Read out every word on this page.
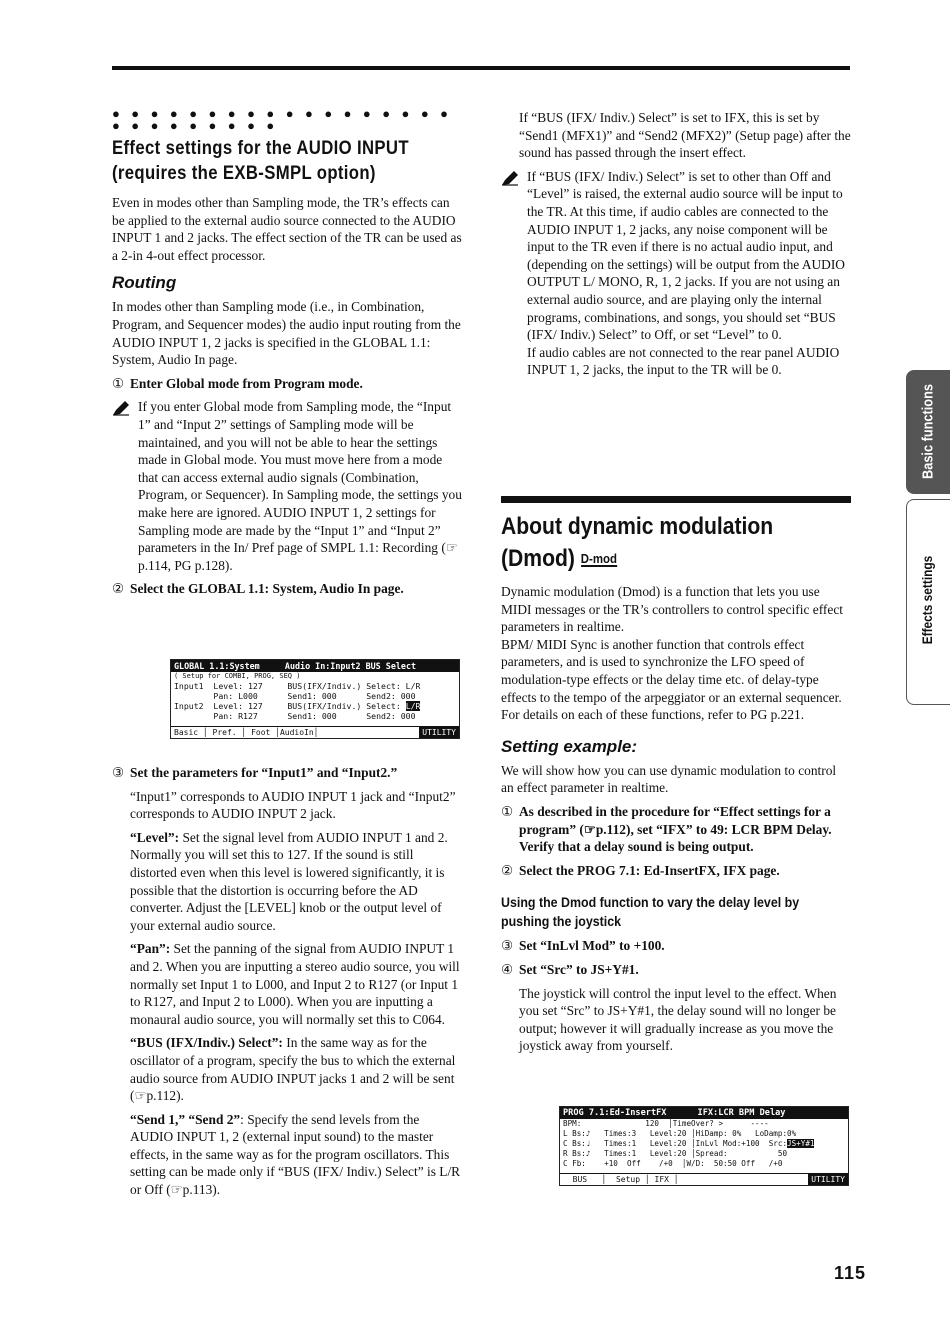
● ● ● ● ● ● ● ● ● ● ● ● ● ● ● ● ● ● ● ● ● ● ● ● ● ● ●
Effect settings for the AUDIO INPUT
(requires the EXB-SMPL option)

Even in modes other than Sampling mode, the TR’s effects can be applied to the external audio source connected to the AUDIO INPUT 1 and 2 jacks. The effect section of the TR can be used as a 2-in 4-out effect processor.

Routing

In modes other than Sampling mode (i.e., in Combination, Program, and Sequencer modes) the audio input routing from the AUDIO INPUT 1, 2 jacks is specified in the GLOBAL 1.1: System, Audio In page.

① Enter Global mode from Program mode.

If you enter Global mode from Sampling mode, the “Input 1” and “Input 2” settings of Sampling mode will be maintained, and you will not be able to hear the settings made in Global mode. You must move here from a mode that can access external audio signals (Combination, Program, or Sequencer). In Sampling mode, the settings you make here are ignored. AUDIO INPUT 1, 2 settings for Sampling mode are made by the “Input 1” and “Input 2” parameters in the In/ Pref page of SMPL 1.1: Recording (☞p.114, PG p.128).

② Select the GLOBAL 1.1: System, Audio In page.
GLOBAL 1.1:System     Audio In:Input2 BUS Select
( Setup for COMBI, PROG, SEQ )
Input1  Level: 127     BUS(IFX/Indiv.) Select: L/R
Pan: L000      Send1: 000      Send2: 000
Input2  Level: 127     BUS(IFX/Indiv.) Select: L/R
Pan: R127      Send1: 000      Send2: 000
Basic │ Pref. │ Foot │AudioIn│	UTILITY
③ Set the parameters for “Input1” and “Input2.”

“Input1” corresponds to AUDIO INPUT 1 jack and “Input2” corresponds to AUDIO INPUT 2 jack.

“Level”: Set the signal level from AUDIO INPUT 1 and 2. Normally you will set this to 127. If the sound is still distorted even when this level is lowered significantly, it is possible that the distortion is occurring before the AD converter. Adjust the [LEVEL] knob or the output level of your external audio source.

“Pan”: Set the panning of the signal from AUDIO INPUT 1 and 2. When you are inputting a stereo audio source, you will normally set Input 1 to L000, and Input 2 to R127 (or Input 1 to R127, and Input 2 to L000). When you are inputting a monaural audio source, you will normally set this to C064.

“BUS (IFX/Indiv.) Select”: In the same way as for the oscillator of a program, specify the bus to which the external audio source from AUDIO INPUT jacks 1 and 2 will be sent (☞p.112).

“Send 1,” “Send 2”: Specify the send levels from the AUDIO INPUT 1, 2 (external input sound) to the master effects, in the same way as for the program oscillators. This setting can be made only if “BUS (IFX/ Indiv.) Select” is L/R or Off (☞p.113).

If “BUS (IFX/ Indiv.) Select” is set to IFX, this is set by “Send1 (MFX1)” and “Send2 (MFX2)” (Setup page) after the sound has passed through the insert effect.

If “BUS (IFX/ Indiv.) Select” is set to other than Off and “Level” is raised, the external audio source will be input to the TR. At this time, if audio cables are connected to the AUDIO INPUT 1, 2 jacks, any noise component will be input to the TR even if there is no actual audio input, and (depending on the settings) will be output from the AUDIO OUTPUT L/ MONO, R, 1, 2 jacks. If you are not using an external audio source, and are playing only the internal programs, combinations, and songs, you should set “BUS (IFX/ Indiv.) Select” to Off, or set “Level” to 0.

If audio cables are not connected to the rear panel AUDIO INPUT 1, 2 jacks, the input to the TR will be 0.

About dynamic modulation
(Dmod) D-mod

Dynamic modulation (Dmod) is a function that lets you use MIDI messages or the TR’s controllers to control specific effect parameters in realtime.

BPM/ MIDI Sync is another function that controls effect parameters, and is used to synchronize the LFO speed of modulation-type effects or the delay time etc. of delay-type effects to the tempo of the arpeggiator or an external sequencer.

For details on each of these functions, refer to PG p.221.

Setting example:

We will show how you can use dynamic modulation to control an effect parameter in realtime.

① As described in the procedure for “Effect settings for a program” (☞p.112), set “IFX” to 49: LCR BPM Delay. Verify that a delay sound is being output.
② Select the PROG 7.1: Ed-InsertFX, IFX page.
Using the Dmod function to vary the delay level by
pushing the joystick
③ Set “InLvl Mod” to +100.
④ Set “Src” to JS+Y#1.

The joystick will control the input level to the effect. When you set “Src” to JS+Y#1, the delay sound will no longer be output; however it will gradually increase as you move the joystick away from yourself.

PROG 7.1:Ed-InsertFX      IFX:LCR BPM Delay
BPM:              120  │TimeOver? >      ----
L Bs:♪   Times:3   Level:20 │HiDamp: 0%   LoDamp:0%
C Bs:♩   Times:1   Level:20 │InLvl Mod:+100  Src:JS+Y#1
R Bs:♪   Times:1   Level:20 │Spread:           50
C Fb:    +10  Off    /+0  │W/D:  50:50 Off   /+0
BUS   │  Setup │ IFX │	UTILITY
Basic functions
Effects settings
115
